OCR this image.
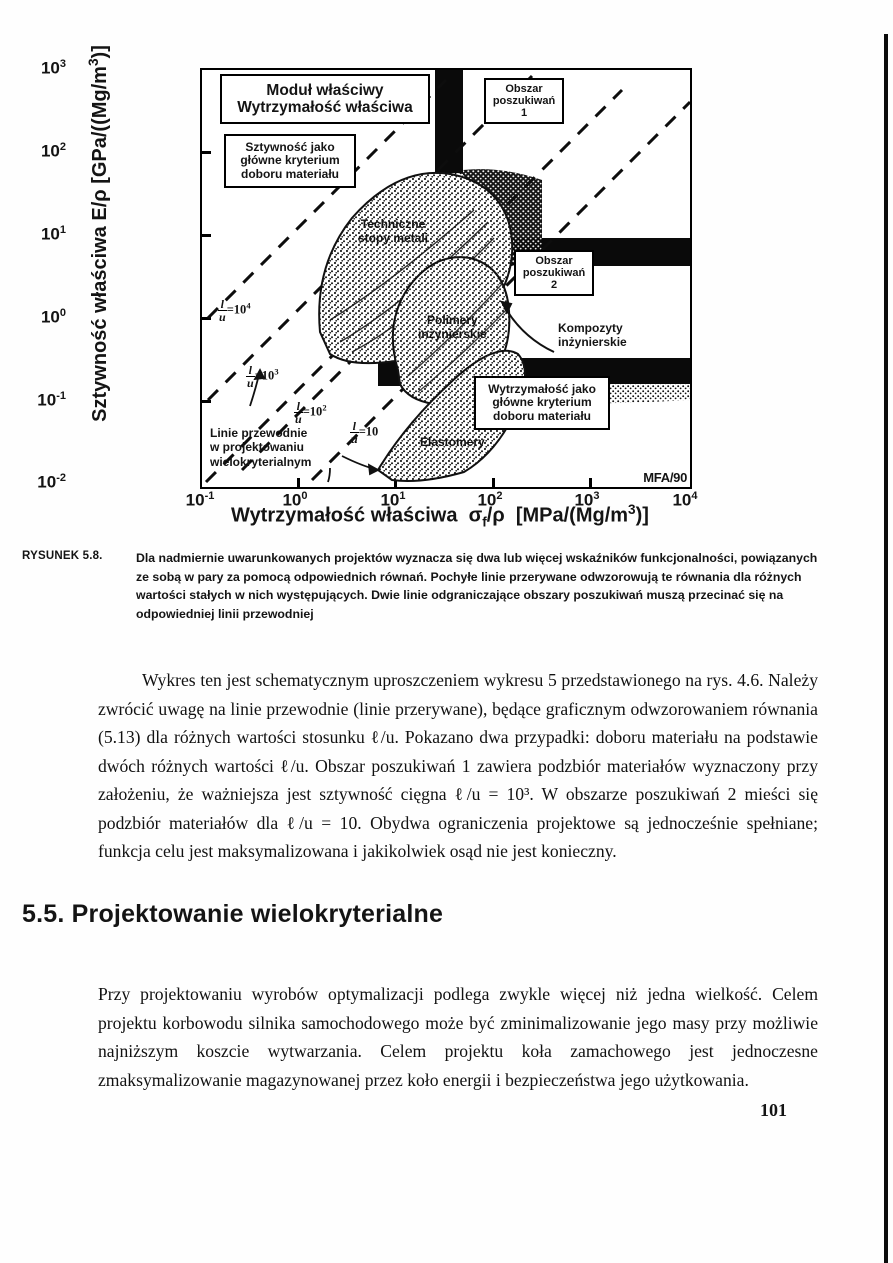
Sztywność właściwa E/ρ [$GPa/((Mg/m^3)]$
$10^3$
$10^2$
$10^1$
$10^0$
$10^{-1}$
$10^{-2}$
$10^{-1}$	$10^0$	$10^1$	$10^2$	$10^3$	$10^4$
Moduł właściwy
Wytrzymałość właściwa
Sztywność jako
główne kryterium
doboru materiału
Wytrzymałość jako
główne kryterium
doboru materiału
Obszar
poszukiwań
1
Obszar
poszukiwań
2
Techniczne
stopy metali
Polimery
inżynierskie
Elastomery
Kompozyty
inżynierskie
$\frac{l}{u} =10^4$
$\frac{l}{u} =10^3$
$\frac{l}{u} =10^2$
$\frac{l}{u} =10$
Linie przewodnie
w projektowaniu
wielokryterialnym
MFA/90
Wytrzymałość właściwa  $\sigma_f/\rho$  $[MPa/(Mg/m^3)]$
RYSUNEK 5.8.	Dla nadmiernie uwarunkowanych projektów wyznacza się dwa lub więcej wskaźników funkcjonalności, powiązanych ze sobą w pary za pomocą odpowiednich równań. Pochyłe linie przerywane odwzorowują te równania dla różnych wartości stałych w nich występujących. Dwie linie odgraniczające obszary poszukiwań muszą przecinać się na odpowiedniej linii przewodniej
Wykres ten jest schematycznym uproszczeniem wykresu 5 przedstawionego na rys. 4.6. Należy zwrócić uwagę na linie przewodnie (linie przerywane), będące graficznym odwzorowaniem równania (5.13) dla różnych wartości stosunku ℓ/u. Pokazano dwa przypadki: doboru materiału na podstawie dwóch różnych wartości ℓ/u. Obszar poszukiwań 1 zawiera podzbiór materiałów wyznaczony przy założeniu, że ważniejsza jest sztywność cięgna ℓ/u = 10³. W obszarze poszukiwań 2 mieści się podzbiór materiałów dla ℓ/u = 10. Obydwa ograniczenia projektowe są jednocześnie spełniane; funkcja celu jest maksymalizowana i jakikolwiek osąd nie jest konieczny.
5.5. Projektowanie wielokryterialne
Przy projektowaniu wyrobów optymalizacji podlega zwykle więcej niż jedna wielkość. Celem projektu korbowodu silnika samochodowego może być zminimalizowanie jego masy przy możliwie najniższym koszcie wytwarzania. Celem projektu koła zamachowego jest jednoczesne zmaksymalizowanie magazynowanej przez koło energii i bezpieczeństwa jego użytkowania.
101
